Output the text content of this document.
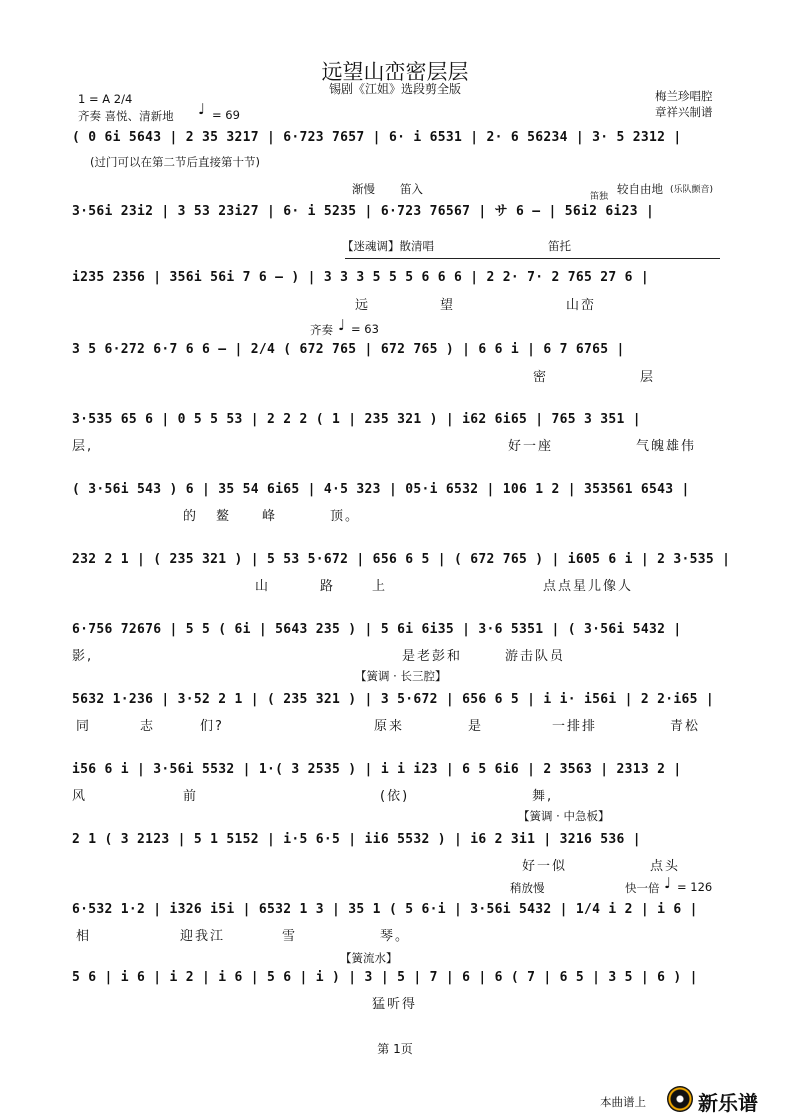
远望山峦密层层
锡剧《江姐》选段剪全版
1 = A 2/4
齐奏 喜悦、清新地 ♩ = 69
梅兰珍唱腔
章祥兴制谱
( 0 6i 5643 | 2 35 3217 | 6·723 7657 | 6· i 6531 | 2· 6 56234 | 3· 5 2312 |
(过门可以在第二节后直接第十节)
渐慢 笛入
笛独
较自由地 (乐队颤音)
3·56i 23i2 | 3 53 23i27 | 6· i 5235 | 6·723 76567 | サ 6 — | 56i2 6i23 |
【迷魂调】散清唱	笛托
i235 2356 | 356i 56i 7 6 — ) | 3 3 3 5 5 5 6 6 6 | 2 2· 7· 2 765 27 6 |
远	望	山峦
齐奏 ♩ = 63
3 5 6·272 6·7 6 6 — | 2/4 ( 672 765 | 672 765 ) | 6 6 i | 6 7 6765 |
密	层
3·535 65 6 | 0 5 5 53 | 2 2 2 ( 1 | 235 321 ) | i62 6i65 | 765 3 351 |
层,	好一座	气魄雄伟
( 3·56i 543 ) 6 | 35 54 6i65 | 4·5 323 | 05·i 6532 | 106 1 2 | 353561 6543 |
的 鳌 峰	顶。
232 2 1 | ( 235 321 ) | 5 53 5·672 | 656 6 5 | ( 672 765 ) | i605 6 i | 2 3·535 |
山	路	上	点点星儿像人
6·756 72676 | 5 5 ( 6i | 5643 235 ) | 5 6i 6i35 | 3·6 5351 | ( 3·56i 5432 |
影,	是老彭和	游击队员
【簧调 · 长三腔】
5632 1·236 | 3·52 2 1 | ( 235 321 ) | 3 5·672 | 656 6 5 | i i· i56i | 2 2·i65 |
同	志	们?	原来	是	一排排	青松
i56 6 i | 3·56i 5532 | 1·( 3 2535 ) | i i i23 | 6 5 6i6 | 2 3563 | 2313 2 |
风	前	(依)	舞,
【簧调 · 中急板】
2 1 ( 3 2123 | 5 1 5152 | i·5 6·5 | ii6 5532 ) | i6 2 3i1 | 3216 536 |
好一似	点头
稍放慢	快一倍 ♩ = 126
6·532 1·2 | i326 i5i | 6532 1 3 | 35 1 ( 5 6·i | 3·56i 5432 | 1/4 i 2 | i 6 |
相	迎我江	雪	琴。
【簧流水】
5 6 | i 6 | i 2 | i 6 | 5 6 | i ) | 3 | 5 | 7 | 6 | 6 ( 7 | 6 5 | 3 5 | 6 ) |
猛听得
第 1页
本曲谱上	新乐谱
